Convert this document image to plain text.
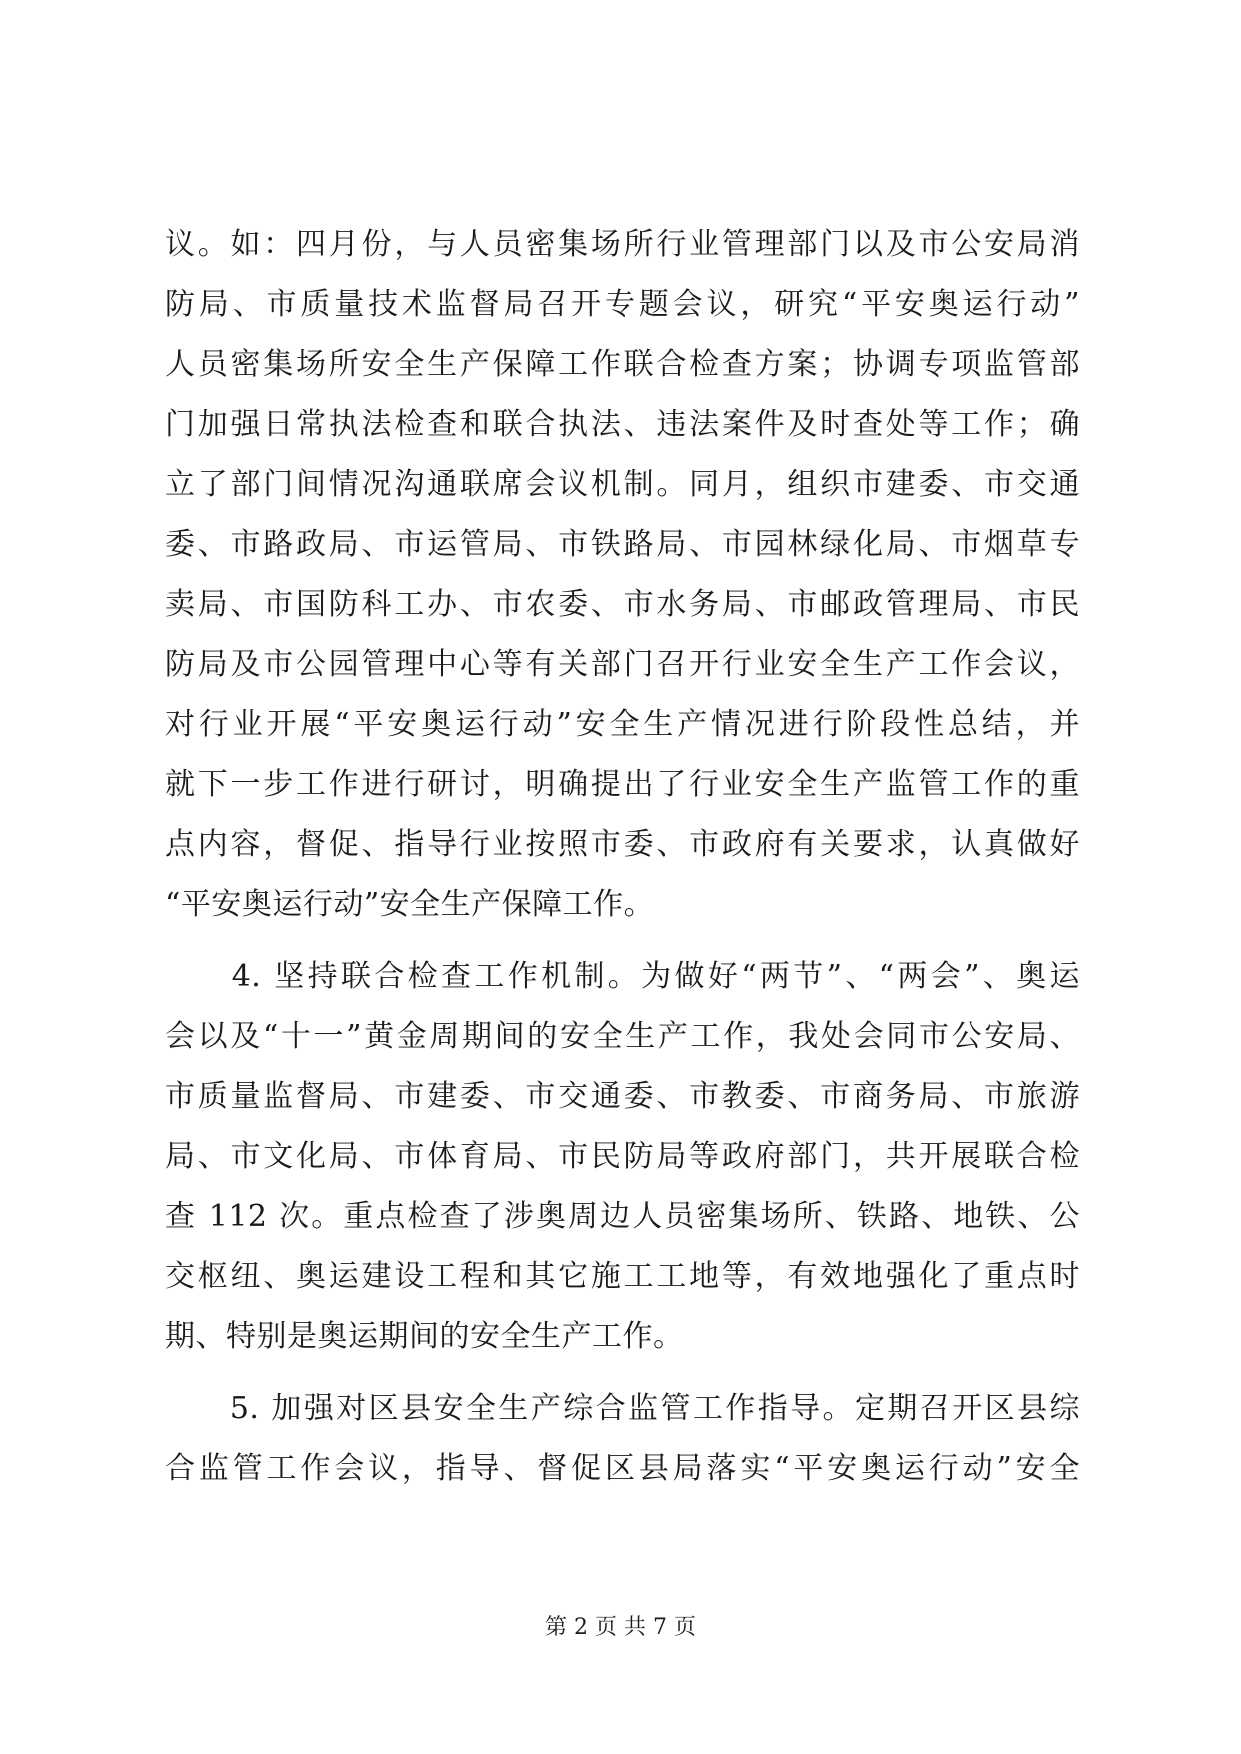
议。如：四月份，与人员密集场所行业管理部门以及市公安局消
防局、市质量技术监督局召开专题会议，研究“平安奥运行动”
人员密集场所安全生产保障工作联合检查方案；协调专项监管部
门加强日常执法检查和联合执法、违法案件及时查处等工作；确
立了部门间情况沟通联席会议机制。同月，组织市建委、市交通
委、市路政局、市运管局、市铁路局、市园林绿化局、市烟草专
卖局、市国防科工办、市农委、市水务局、市邮政管理局、市民
防局及市公园管理中心等有关部门召开行业安全生产工作会议，
对行业开展“平安奥运行动”安全生产情况进行阶段性总结，并
就下一步工作进行研讨，明确提出了行业安全生产监管工作的重
点内容，督促、指导行业按照市委、市政府有关要求，认真做好
“平安奥运行动”安全生产保障工作。
　　4. 坚持联合检查工作机制。为做好“两节”、“两会”、奥运
会以及“十一”黄金周期间的安全生产工作，我处会同市公安局、
市质量监督局、市建委、市交通委、市教委、市商务局、市旅游
局、市文化局、市体育局、市民防局等政府部门，共开展联合检
查 112 次。重点检查了涉奥周边人员密集场所、铁路、地铁、公
交枢纽、奥运建设工程和其它施工工地等，有效地强化了重点时
期、特别是奥运期间的安全生产工作。
　　5. 加强对区县安全生产综合监管工作指导。定期召开区县综
合监管工作会议，指导、督促区县局落实“平安奥运行动”安全
第 2 页 共 7 页
